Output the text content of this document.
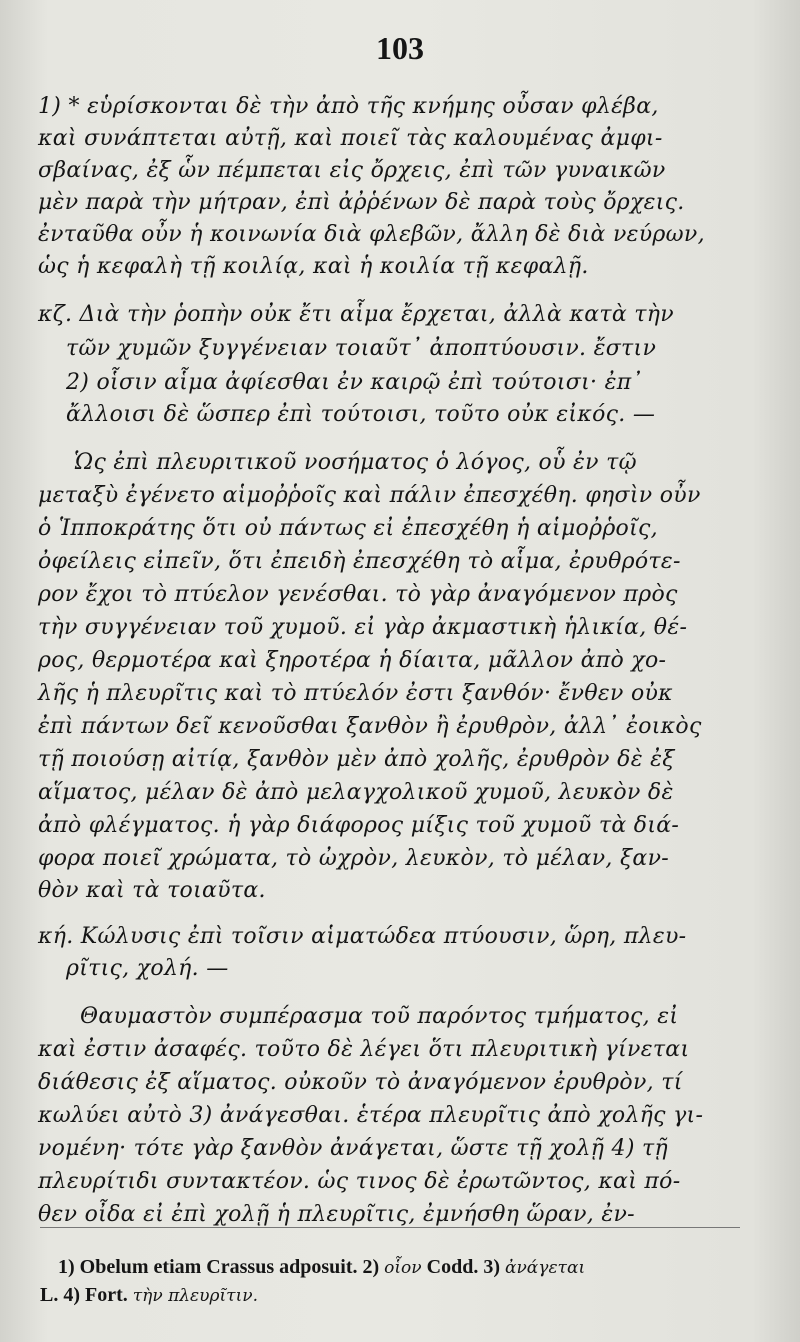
103
1) * εὑρίσκονται δὲ τὴν ἀπὸ τῆς κνήμης οὖσαν φλέβα,
καὶ συνάπτεται αὐτῇ, καὶ ποιεῖ τὰς καλουμένας ἀμφι-
σβαίνας, ἐξ ὧν πέμπεται εἰς ὄρχεις, ἐπὶ τῶν γυναικῶν
μὲν παρὰ τὴν μήτραν, ἐπὶ ἀῤῥένων δὲ παρὰ τοὺς ὄρχεις.
ἐνταῦθα οὖν ἡ κοινωνία διὰ φλεβῶν, ἄλλη δὲ διὰ νεύρων,
ὡς ἡ κεφαλὴ τῇ κοιλίᾳ, καὶ ἡ κοιλία τῇ κεφαλῇ.
κζ. Διὰ τὴν ῥοπὴν οὐκ ἔτι αἷμα ἔρχεται, ἀλλὰ κατὰ τὴν
τῶν χυμῶν ξυγγένειαν τοιαῦτ᾽ ἀποπτύουσιν. ἔστιν
2) οἷσιν αἷμα ἀφίεσθαι ἐν καιρῷ ἐπὶ τούτοισι· ἐπ᾽
ἄλλοισι δὲ ὥσπερ ἐπὶ τούτοισι, τοῦτο οὐκ εἰκός. —
Ὡς ἐπὶ πλευριτικοῦ νοσήματος ὁ λόγος, οὗ ἐν τῷ
μεταξὺ ἐγένετο αἱμοῤῥοῖς καὶ πάλιν ἐπεσχέθη. φησὶν οὖν
ὁ Ἱπποκράτης ὅτι οὐ πάντως εἰ ἐπεσχέθη ἡ αἱμοῤῥοῖς,
ὀφείλεις εἰπεῖν, ὅτι ἐπειδὴ ἐπεσχέθη τὸ αἷμα, ἐρυθρότε-
ρον ἔχοι τὸ πτύελον γενέσθαι. τὸ γὰρ ἀναγόμενον πρὸς
τὴν συγγένειαν τοῦ χυμοῦ. εἰ γὰρ ἀκμαστικὴ ἡλικία, θέ-
ρος, θερμοτέρα καὶ ξηροτέρα ἡ δίαιτα, μᾶλλον ἀπὸ χο-
λῆς ἡ πλευρῖτις καὶ τὸ πτύελόν ἐστι ξανθόν· ἔνθεν οὐκ
ἐπὶ πάντων δεῖ κενοῦσθαι ξανθὸν ἢ ἐρυθρὸν, ἀλλ᾽ ἐοικὸς
τῇ ποιούσῃ αἰτίᾳ, ξανθὸν μὲν ἀπὸ χολῆς, ἐρυθρὸν δὲ ἐξ
αἵματος, μέλαν δὲ ἀπὸ μελαγχολικοῦ χυμοῦ, λευκὸν δὲ
ἀπὸ φλέγματος. ἡ γὰρ διάφορος μίξις τοῦ χυμοῦ τὰ διά-
φορα ποιεῖ χρώματα, τὸ ὠχρὸν, λευκὸν, τὸ μέλαν, ξαν-
θὸν καὶ τὰ τοιαῦτα.
κή. Κώλυσις ἐπὶ τοῖσιν αἱματώδεα πτύουσιν, ὥρη, πλευ-
ρῖτις, χολή. —
Θαυμαστὸν συμπέρασμα τοῦ παρόντος τμήματος, εἰ
καὶ ἐστιν ἀσαφές. τοῦτο δὲ λέγει ὅτι πλευριτικὴ γίνεται
διάθεσις ἐξ αἵματος. οὐκοῦν τὸ ἀναγόμενον ἐρυθρὸν, τί
κωλύει αὐτὸ 3) ἀνάγεσθαι. ἑτέρα πλευρῖτις ἀπὸ χολῆς γι-
νομένη· τότε γὰρ ξανθὸν ἀνάγεται, ὥστε τῇ χολῇ 4) τῇ
πλευρίτιδι συντακτέον. ὡς τινος δὲ ἐρωτῶντος, καὶ πό-
θεν οἶδα εἰ ἐπὶ χολῇ ἡ πλευρῖτις, ἐμνήσθη ὥραν, ἐν-
1) Obelum etiam Crassus adposuit. 2) οἷον Codd. 3) ἀνάγεται
L. 4) Fort. τὴν πλευρῖτιν.
